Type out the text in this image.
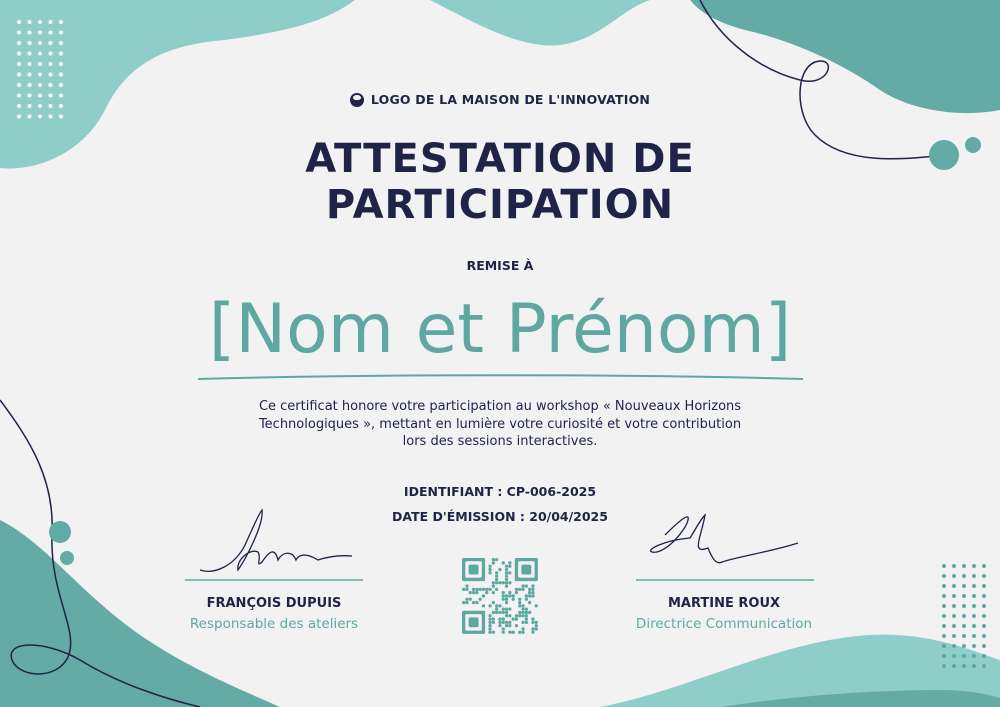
LOGO DE LA MAISON DE L'INNOVATION
ATTESTATION DE
PARTICIPATION
REMISE À
[Nom et Prénom]
Ce certificat honore votre participation au workshop « Nouveaux Horizons
Technologiques », mettant en lumière votre curiosité et votre contribution
lors des sessions interactives.
IDENTIFIANT : CP-006-2025
DATE D'ÉMISSION : 20/04/2025
FRANÇOIS DUPUIS
Responsable des ateliers
MARTINE ROUX
Directrice Communication
